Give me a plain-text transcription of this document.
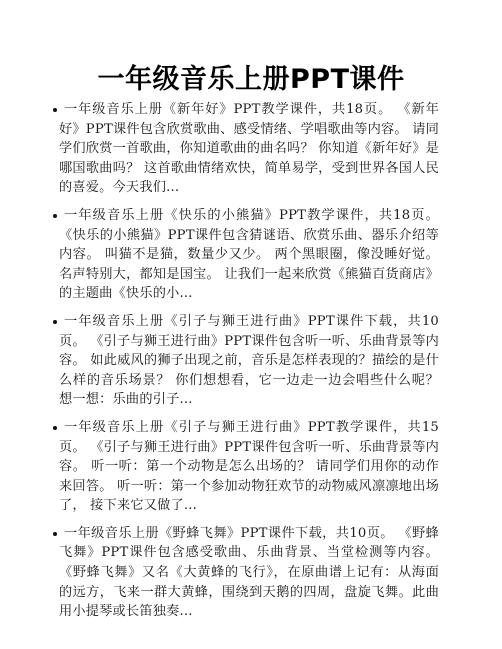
一年级音乐上册PPT课件
一年级音乐上册《新年好》PPT教学课件，共18页。 《新年好》PPT课件包含欣赏歌曲、感受情绪、学唱歌曲等内容。 请同学们欣赏一首歌曲，你知道歌曲的曲名吗？ 你知道《新年好》是哪国歌曲吗？ 这首歌曲情绪欢快，简单易学，受到世界各国人民的喜爱。今天我们...
一年级音乐上册《快乐的小熊猫》PPT教学课件，共18页。 《快乐的小熊猫》PPT课件包含猜谜语、欣赏乐曲、器乐介绍等内容。 叫猫不是猫，数量少又少。 两个黑眼圈，像没睡好觉。 名声特别大，都知是国宝。 让我们一起来欣赏《熊猫百货商店》的主题曲《快乐的小...
一年级音乐上册《引子与狮王进行曲》PPT课件下载，共10页。 《引子与狮王进行曲》PPT课件包含听一听、乐曲背景等内容。 如此威风的狮子出现之前，音乐是怎样表现的？描绘的是什么样的音乐场景？ 你们想想看，它一边走一边会唱些什么呢？ 想一想：乐曲的引子...
一年级音乐上册《引子与狮王进行曲》PPT教学课件，共15页。 《引子与狮王进行曲》PPT课件包含听一听、乐曲背景等内容。 听一听：第一个动物是怎么出场的？ 请同学们用你的动作来回答。 听一听：第一个参加动物狂欢节的动物威风凛凛地出场了， 接下来它又做了...
一年级音乐上册《野蜂飞舞》PPT课件下载，共10页。 《野蜂飞舞》PPT课件包含感受歌曲、乐曲背景、当堂检测等内容。 《野蜂飞舞》又名《大黄蜂的飞行》，在原曲谱上记有：从海面的远方，飞来一群大黄蜂，围绕到天鹅的四周，盘旋飞舞。此曲用小提琴或长笛独奏...
